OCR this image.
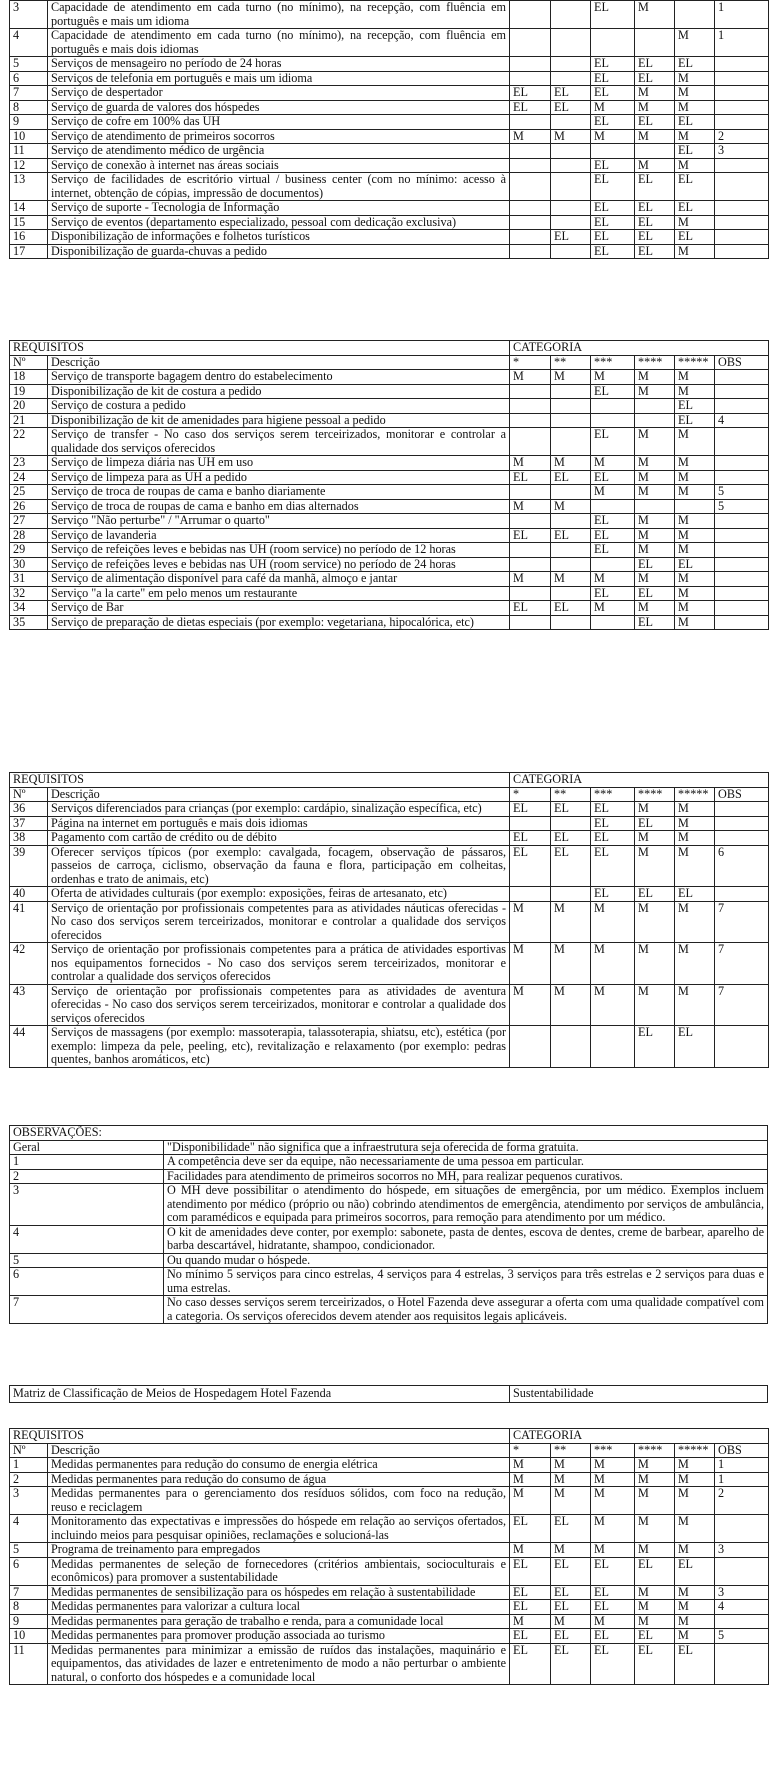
3	Capacidade de atendimento em cada turno (no mínimo), na recepção, com fluência em português e mais um idioma			EL	M		1
4	Capacidade de atendimento em cada turno (no mínimo), na recepção, com fluência em português e mais dois idiomas					M	1
5	Serviços de mensageiro no período de 24 horas			EL	EL	EL	
6	Serviços de telefonia em português e mais um idioma			EL	EL	M	
7	Serviço de despertador	EL	EL	EL	M	M	
8	Serviço de guarda de valores dos hóspedes	EL	EL	M	M	M	
9	Serviço de cofre em 100% das UH			EL	EL	EL	
10	Serviço de atendimento de primeiros socorros	M	M	M	M	M	2
11	Serviço de atendimento médico de urgência					EL	3
12	Serviço de conexão à internet nas áreas sociais			EL	M	M	
13	Serviço de facilidades de escritório virtual / business center (com no mínimo: acesso à internet, obtenção de cópias, impressão de documentos)			EL	EL	EL	
14	Serviço de suporte - Tecnologia de Informação			EL	EL	EL	
15	Serviço de eventos (departamento especializado, pessoal com dedicação exclusiva)			EL	EL	M	
16	Disponibilização de informações e folhetos turísticos		EL	EL	EL	EL	
17	Disponibilização de guarda-chuvas a pedido			EL	EL	M	
REQUISITOS		CATEGORIA					
Nº	Descrição	*	**	***	****	*****	OBS
18	Serviço de transporte bagagem dentro do estabelecimento	M	M	M	M	M	
19	Disponibilização de kit de costura a pedido			EL	M	M	
20	Serviço de costura a pedido					EL	
21	Disponibilização de kit de amenidades para higiene pessoal a pedido					EL	4
22	Serviço de transfer - No caso dos serviços serem terceirizados, monitorar e controlar a qualidade dos serviços oferecidos			EL	M	M	
23	Serviço de limpeza diária nas UH em uso	M	M	M	M	M	
24	Serviço de limpeza para as UH a pedido	EL	EL	EL	M	M	
25	Serviço de troca de roupas de cama e banho diariamente			M	M	M	5
26	Serviço de troca de roupas de cama e banho em dias alternados	M	M				5
27	Serviço "Não perturbe" / "Arrumar o quarto"			EL	M	M	
28	Serviço de lavanderia	EL	EL	EL	M	M	
29	Serviço de refeições leves e bebidas nas UH (room service) no período de 12 horas			EL	M	M	
30	Serviço de refeições leves e bebidas nas UH (room service) no período de 24 horas				EL	EL	
31	Serviço de alimentação disponível para café da manhã, almoço e jantar	M	M	M	M	M	
32	Serviço "a la carte" em pelo menos um restaurante			EL	EL	M	
34	Serviço de Bar	EL	EL	M	M	M	
35	Serviço de preparação de dietas especiais (por exemplo: vegetariana, hipocalórica, etc)				EL	M	
REQUISITOS		CATEGORIA					
Nº	Descrição	*	**	***	****	*****	OBS
36	Serviços diferenciados para crianças (por exemplo: cardápio, sinalização específica, etc)	EL	EL	EL	M	M	
37	Página na internet em português e mais dois idiomas			EL	EL	M	
38	Pagamento com cartão de crédito ou de débito	EL	EL	EL	M	M	
39	Oferecer serviços típicos (por exemplo: cavalgada, focagem, observação de pássaros, passeios de carroça, ciclismo, observação da fauna e flora, participação em colheitas, ordenhas e trato de animais, etc)	EL	EL	EL	M	M	6
40	Oferta de atividades culturais (por exemplo: exposições, feiras de artesanato, etc)			EL	EL	EL	
41	Serviço de orientação por profissionais competentes para as atividades náuticas oferecidas - No caso dos serviços serem terceirizados, monitorar e controlar a qualidade dos serviços oferecidos	M	M	M	M	M	7
42	Serviço de orientação por profissionais competentes para a prática de atividades esportivas nos equipamentos fornecidos - No caso dos serviços serem terceirizados, monitorar e controlar a qualidade dos serviços oferecidos	M	M	M	M	M	7
43	Serviço de orientação por profissionais competentes para as atividades de aventura oferecidas - No caso dos serviços serem terceirizados, monitorar e controlar a qualidade dos serviços oferecidos	M	M	M	M	M	7
44	Serviços de massagens (por exemplo: massoterapia, talassoterapia, shiatsu, etc), estética (por exemplo: limpeza da pele, peeling, etc), revitalização e relaxamento (por exemplo: pedras quentes, banhos aromáticos, etc)				EL	EL	
OBSERVAÇÕES:	
Geral	"Disponibilidade" não significa que a infraestrutura seja oferecida de forma gratuita.
1	A competência deve ser da equipe, não necessariamente de uma pessoa em particular.
2	Facilidades para atendimento de primeiros socorros no MH, para realizar pequenos curativos.
3	O MH deve possibilitar o atendimento do hóspede, em situações de emergência, por um médico. Exemplos incluem atendimento por médico (próprio ou não) cobrindo atendimentos de emergência, atendimento por serviços de ambulância, com paramédicos e equipada para primeiros socorros, para remoção para atendimento por um médico.
4	O kit de amenidades deve conter, por exemplo: sabonete, pasta de dentes, escova de dentes, creme de barbear, aparelho de barba descartável, hidratante, shampoo, condicionador.
5	Ou quando mudar o hóspede.
6	No mínimo 5 serviços para cinco estrelas, 4 serviços para 4 estrelas, 3 serviços para três estrelas e 2 serviços para duas e uma estrelas.
7	No caso desses serviços serem terceirizados, o Hotel Fazenda deve assegurar a oferta com uma qualidade compatível com a categoria. Os serviços oferecidos devem atender aos requisitos legais aplicáveis.
Matriz de Classificação de Meios de Hospedagem Hotel Fazenda	Sustentabilidade
REQUISITOS		CATEGORIA					
Nº	Descrição	*	**	***	****	*****	OBS
1	Medidas permanentes para redução do consumo de energia elétrica	M	M	M	M	M	1
2	Medidas permanentes para redução do consumo de água	M	M	M	M	M	1
3	Medidas permanentes para o gerenciamento dos resíduos sólidos, com foco na redução, reuso e reciclagem	M	M	M	M	M	2
4	Monitoramento das expectativas e impressões do hóspede em relação ao serviços ofertados, incluindo meios para pesquisar opiniões, reclamações e solucioná-las	EL	EL	M	M	M	
5	Programa de treinamento para empregados	M	M	M	M	M	3
6	Medidas permanentes de seleção de fornecedores (critérios ambientais, socioculturais e econômicos) para promover a sustentabilidade	EL	EL	EL	EL	EL	
7	Medidas permanentes de sensibilização para os hóspedes em relação à sustentabilidade	EL	EL	EL	M	M	3
8	Medidas permanentes para valorizar a cultura local	EL	EL	EL	M	M	4
9	Medidas permanentes para geração de trabalho e renda, para a comunidade local	M	M	M	M	M	
10	Medidas permanentes para promover produção associada ao turismo	EL	EL	EL	EL	M	5
11	Medidas permanentes para minimizar a emissão de ruídos das instalações, maquinário e equipamentos, das atividades de lazer e entretenimento de modo a não perturbar o ambiente natural, o conforto dos hóspedes e a comunidade local	EL	EL	EL	EL	EL	
